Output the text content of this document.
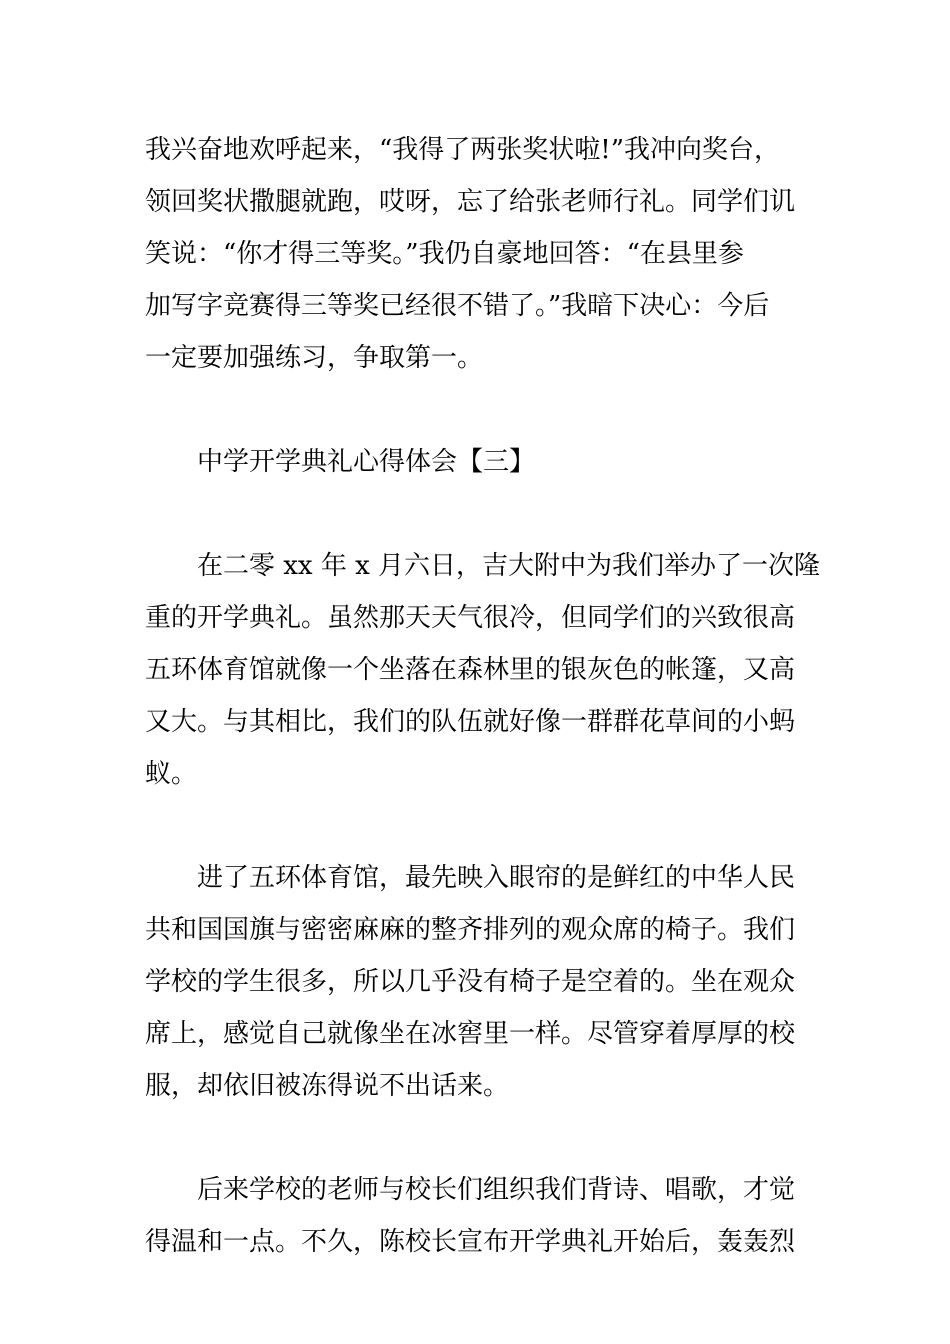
我兴奋地欢呼起来，“我得了两张奖状啦!”我冲向奖台，
领回奖状撒腿就跑，哎呀，忘了给张老师行礼。同学们讥
笑说：“你才得三等奖。”我仍自豪地回答：“在县里参
加写字竞赛得三等奖已经很不错了。”我暗下决心：今后
一定要加强练习，争取第一。
中学开学典礼心得体会【三】
在二零 xx 年 x 月六日，吉大附中为我们举办了一次隆
重的开学典礼。虽然那天天气很冷，但同学们的兴致很高
五环体育馆就像一个坐落在森林里的银灰色的帐篷，又高
又大。与其相比，我们的队伍就好像一群群花草间的小蚂
蚁。
进了五环体育馆，最先映入眼帘的是鲜红的中华人民
共和国国旗与密密麻麻的整齐排列的观众席的椅子。我们
学校的学生很多，所以几乎没有椅子是空着的。坐在观众
席上，感觉自己就像坐在冰窖里一样。尽管穿着厚厚的校
服，却依旧被冻得说不出话来。
后来学校的老师与校长们组织我们背诗、唱歌，才觉
得温和一点。不久，陈校长宣布开学典礼开始后，轰轰烈
